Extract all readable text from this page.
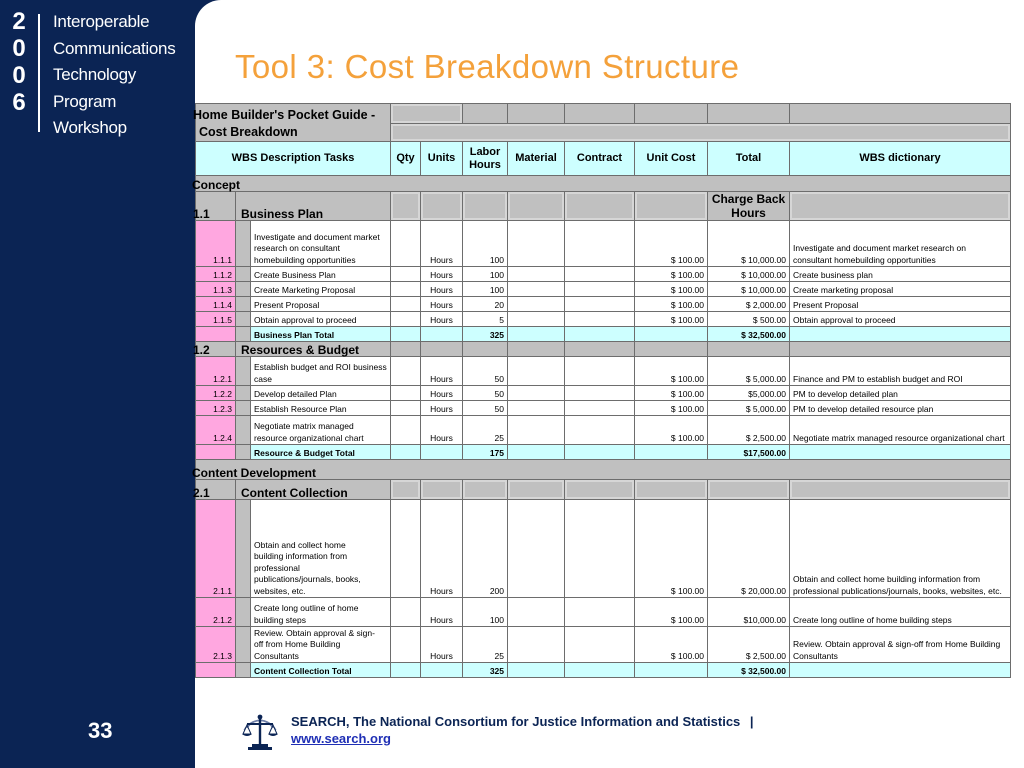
2
0
0
6
Interoperable
Communications
Technology
Program
Workshop
33
Tool 3: Cost Breakdown Structure
Home Builder's Pocket Guide - Cost Breakdown										

WBS Description Tasks			Qty	Units	Labor Hours	Material	Contract	Unit Cost	Total	WBS dictionary
Concept										
1.1	Business Plan								Charge Back Hours	
1.1.1		Investigate and document market research on consultant homebuilding opportunities		Hours	100			$ 100.00	$ 10,000.00	Investigate and document market research on consultant homebuilding opportunities
1.1.2		Create Business Plan		Hours	100			$ 100.00	$ 10,000.00	Create business plan
1.1.3		Create Marketing Proposal		Hours	100			$ 100.00	$ 10,000.00	Create marketing proposal
1.1.4		Present Proposal		Hours	20			$ 100.00	$ 2,000.00	Present Proposal
1.1.5		Obtain approval to proceed		Hours	5			$ 100.00	$ 500.00	Obtain approval to proceed
		Business Plan Total			325				$ 32,500.00	
1.2	Resources & Budget									
1.2.1		Establish budget and ROI business case		Hours	50			$ 100.00	$ 5,000.00	Finance and PM to establish budget and ROI
1.2.2		Develop detailed Plan		Hours	50			$ 100.00	$5,000.00	PM to develop detailed plan
1.2.3		Establish Resource Plan		Hours	50			$ 100.00	$ 5,000.00	PM to develop detailed resource plan
1.2.4		Negotiate matrix managed resource organizational chart		Hours	25			$ 100.00	$ 2,500.00	Negotiate matrix managed resource organizational chart
		Resource & Budget Total			175				$17,500.00	
Content Development										
2.1	Content Collection									
2.1.1		Obtain and collect home building information from professional publications/journals, books, websites, etc.		Hours	200			$ 100.00	$ 20,000.00	Obtain and collect home building information from professional publications/journals, books, websites, etc.
2.1.2		Create long outline of home building steps		Hours	100			$ 100.00	$10,000.00	Create long outline of home building steps
2.1.3		Review. Obtain approval & sign-off from Home Building Consultants		Hours	25			$ 100.00	$ 2,500.00	Review. Obtain approval & sign-off from Home Building Consultants
		Content Collection Total			325				$ 32,500.00	
SEARCH, The National Consortium for Justice Information and Statistics |
www.search.org
